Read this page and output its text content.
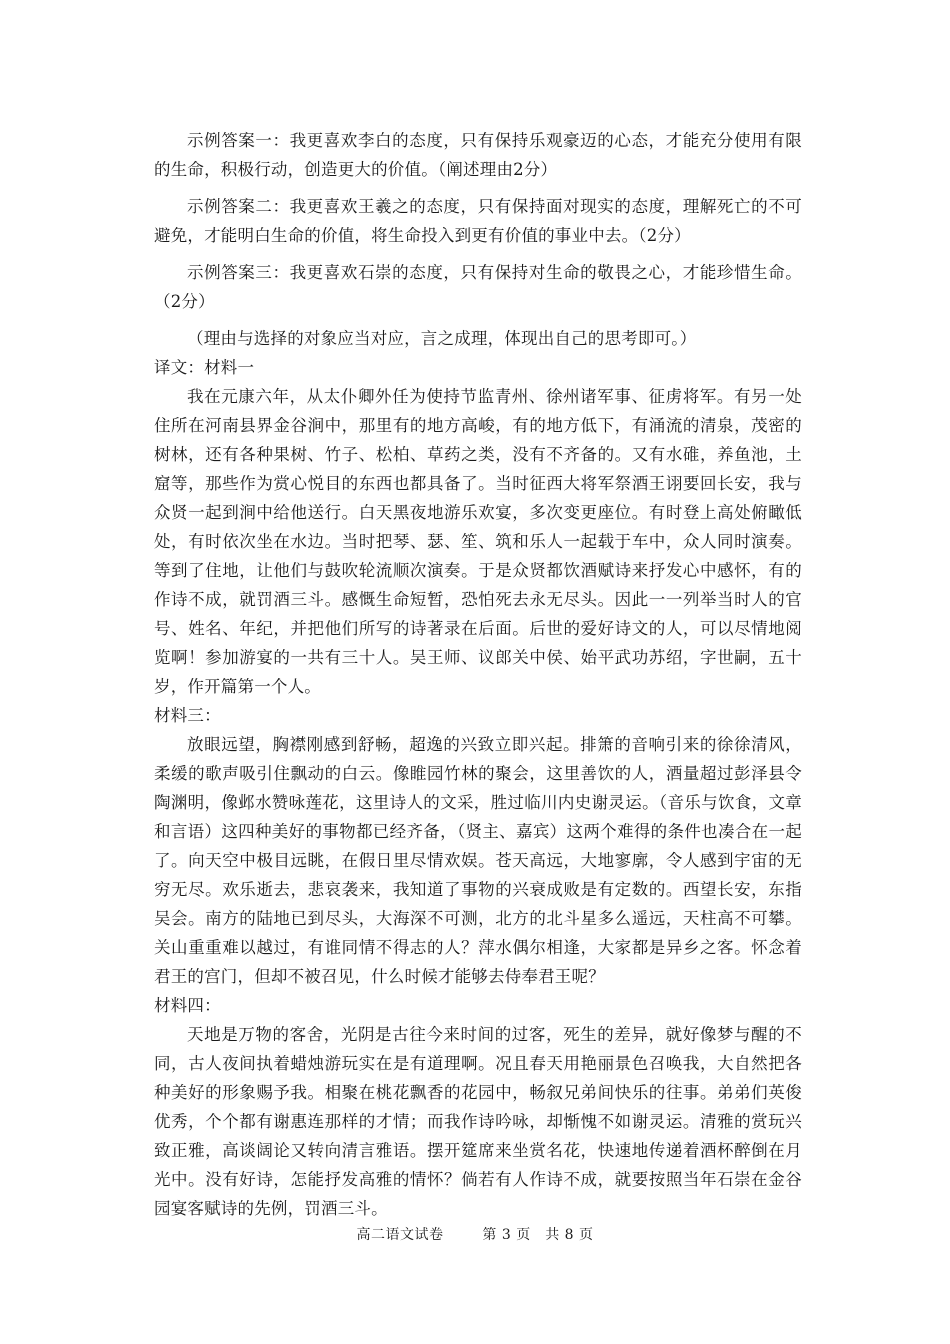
示例答案一：我更喜欢李白的态度，只有保持乐观豪迈的心态，才能充分使用有限的生命，积极行动，创造更大的价值。（阐述理由2分）

示例答案二：我更喜欢王羲之的态度，只有保持面对现实的态度，理解死亡的不可避免，才能明白生命的价值，将生命投入到更有价值的事业中去。（2分）

示例答案三：我更喜欢石崇的态度，只有保持对生命的敬畏之心，才能珍惜生命。（2分）

（理由与选择的对象应当对应，言之成理，体现出自己的思考即可。）

译文：材料一

我在元康六年，从太仆卿外任为使持节监青州、徐州诸军事、征虏将军。有另一处住所在河南县界金谷涧中，那里有的地方高峻，有的地方低下，有涌流的清泉，茂密的树林，还有各种果树、竹子、松柏、草药之类，没有不齐备的。又有水碓，养鱼池，土窟等，那些作为赏心悦目的东西也都具备了。当时征西大将军祭酒王诩要回长安，我与众贤一起到涧中给他送行。白天黑夜地游乐欢宴，多次变更座位。有时登上高处俯瞰低处，有时依次坐在水边。当时把琴、瑟、笙、筑和乐人一起载于车中，众人同时演奏。等到了住地，让他们与鼓吹轮流顺次演奏。于是众贤都饮酒赋诗来抒发心中感怀，有的作诗不成，就罚酒三斗。感慨生命短暂，恐怕死去永无尽头。因此一一列举当时人的官号、姓名、年纪，并把他们所写的诗著录在后面。后世的爱好诗文的人，可以尽情地阅览啊！参加游宴的一共有三十人。吴王师、议郎关中侯、始平武功苏绍，字世嗣，五十岁，作开篇第一个人。

材料三：

放眼远望，胸襟刚感到舒畅，超逸的兴致立即兴起。排箫的音响引来的徐徐清风，柔缓的歌声吸引住飘动的白云。像睢园竹林的聚会，这里善饮的人，酒量超过彭泽县令陶渊明，像邺水赞咏莲花，这里诗人的文采，胜过临川内史谢灵运。（音乐与饮食，文章和言语）这四种美好的事物都已经齐备，（贤主、嘉宾）这两个难得的条件也凑合在一起了。向天空中极目远眺，在假日里尽情欢娱。苍天高远，大地寥廓，令人感到宇宙的无穷无尽。欢乐逝去，悲哀袭来，我知道了事物的兴衰成败是有定数的。西望长安，东指吴会。南方的陆地已到尽头，大海深不可测，北方的北斗星多么遥远，天柱高不可攀。关山重重难以越过，有谁同情不得志的人？萍水偶尔相逢，大家都是异乡之客。怀念着君王的宫门，但却不被召见，什么时候才能够去侍奉君王呢？

材料四：

天地是万物的客舍，光阴是古往今来时间的过客，死生的差异，就好像梦与醒的不同，古人夜间执着蜡烛游玩实在是有道理啊。况且春天用艳丽景色召唤我，大自然把各种美好的形象赐予我。相聚在桃花飘香的花园中，畅叙兄弟间快乐的往事。弟弟们英俊优秀，个个都有谢惠连那样的才情；而我作诗吟咏，却惭愧不如谢灵运。清雅的赏玩兴致正雅，高谈阔论又转向清言雅语。摆开筵席来坐赏名花，快速地传递着酒杯醉倒在月光中。没有好诗，怎能抒发高雅的情怀？倘若有人作诗不成，就要按照当年石崇在金谷园宴客赋诗的先例，罚酒三斗。

高二语文试卷	第 3 页　共 8 页
